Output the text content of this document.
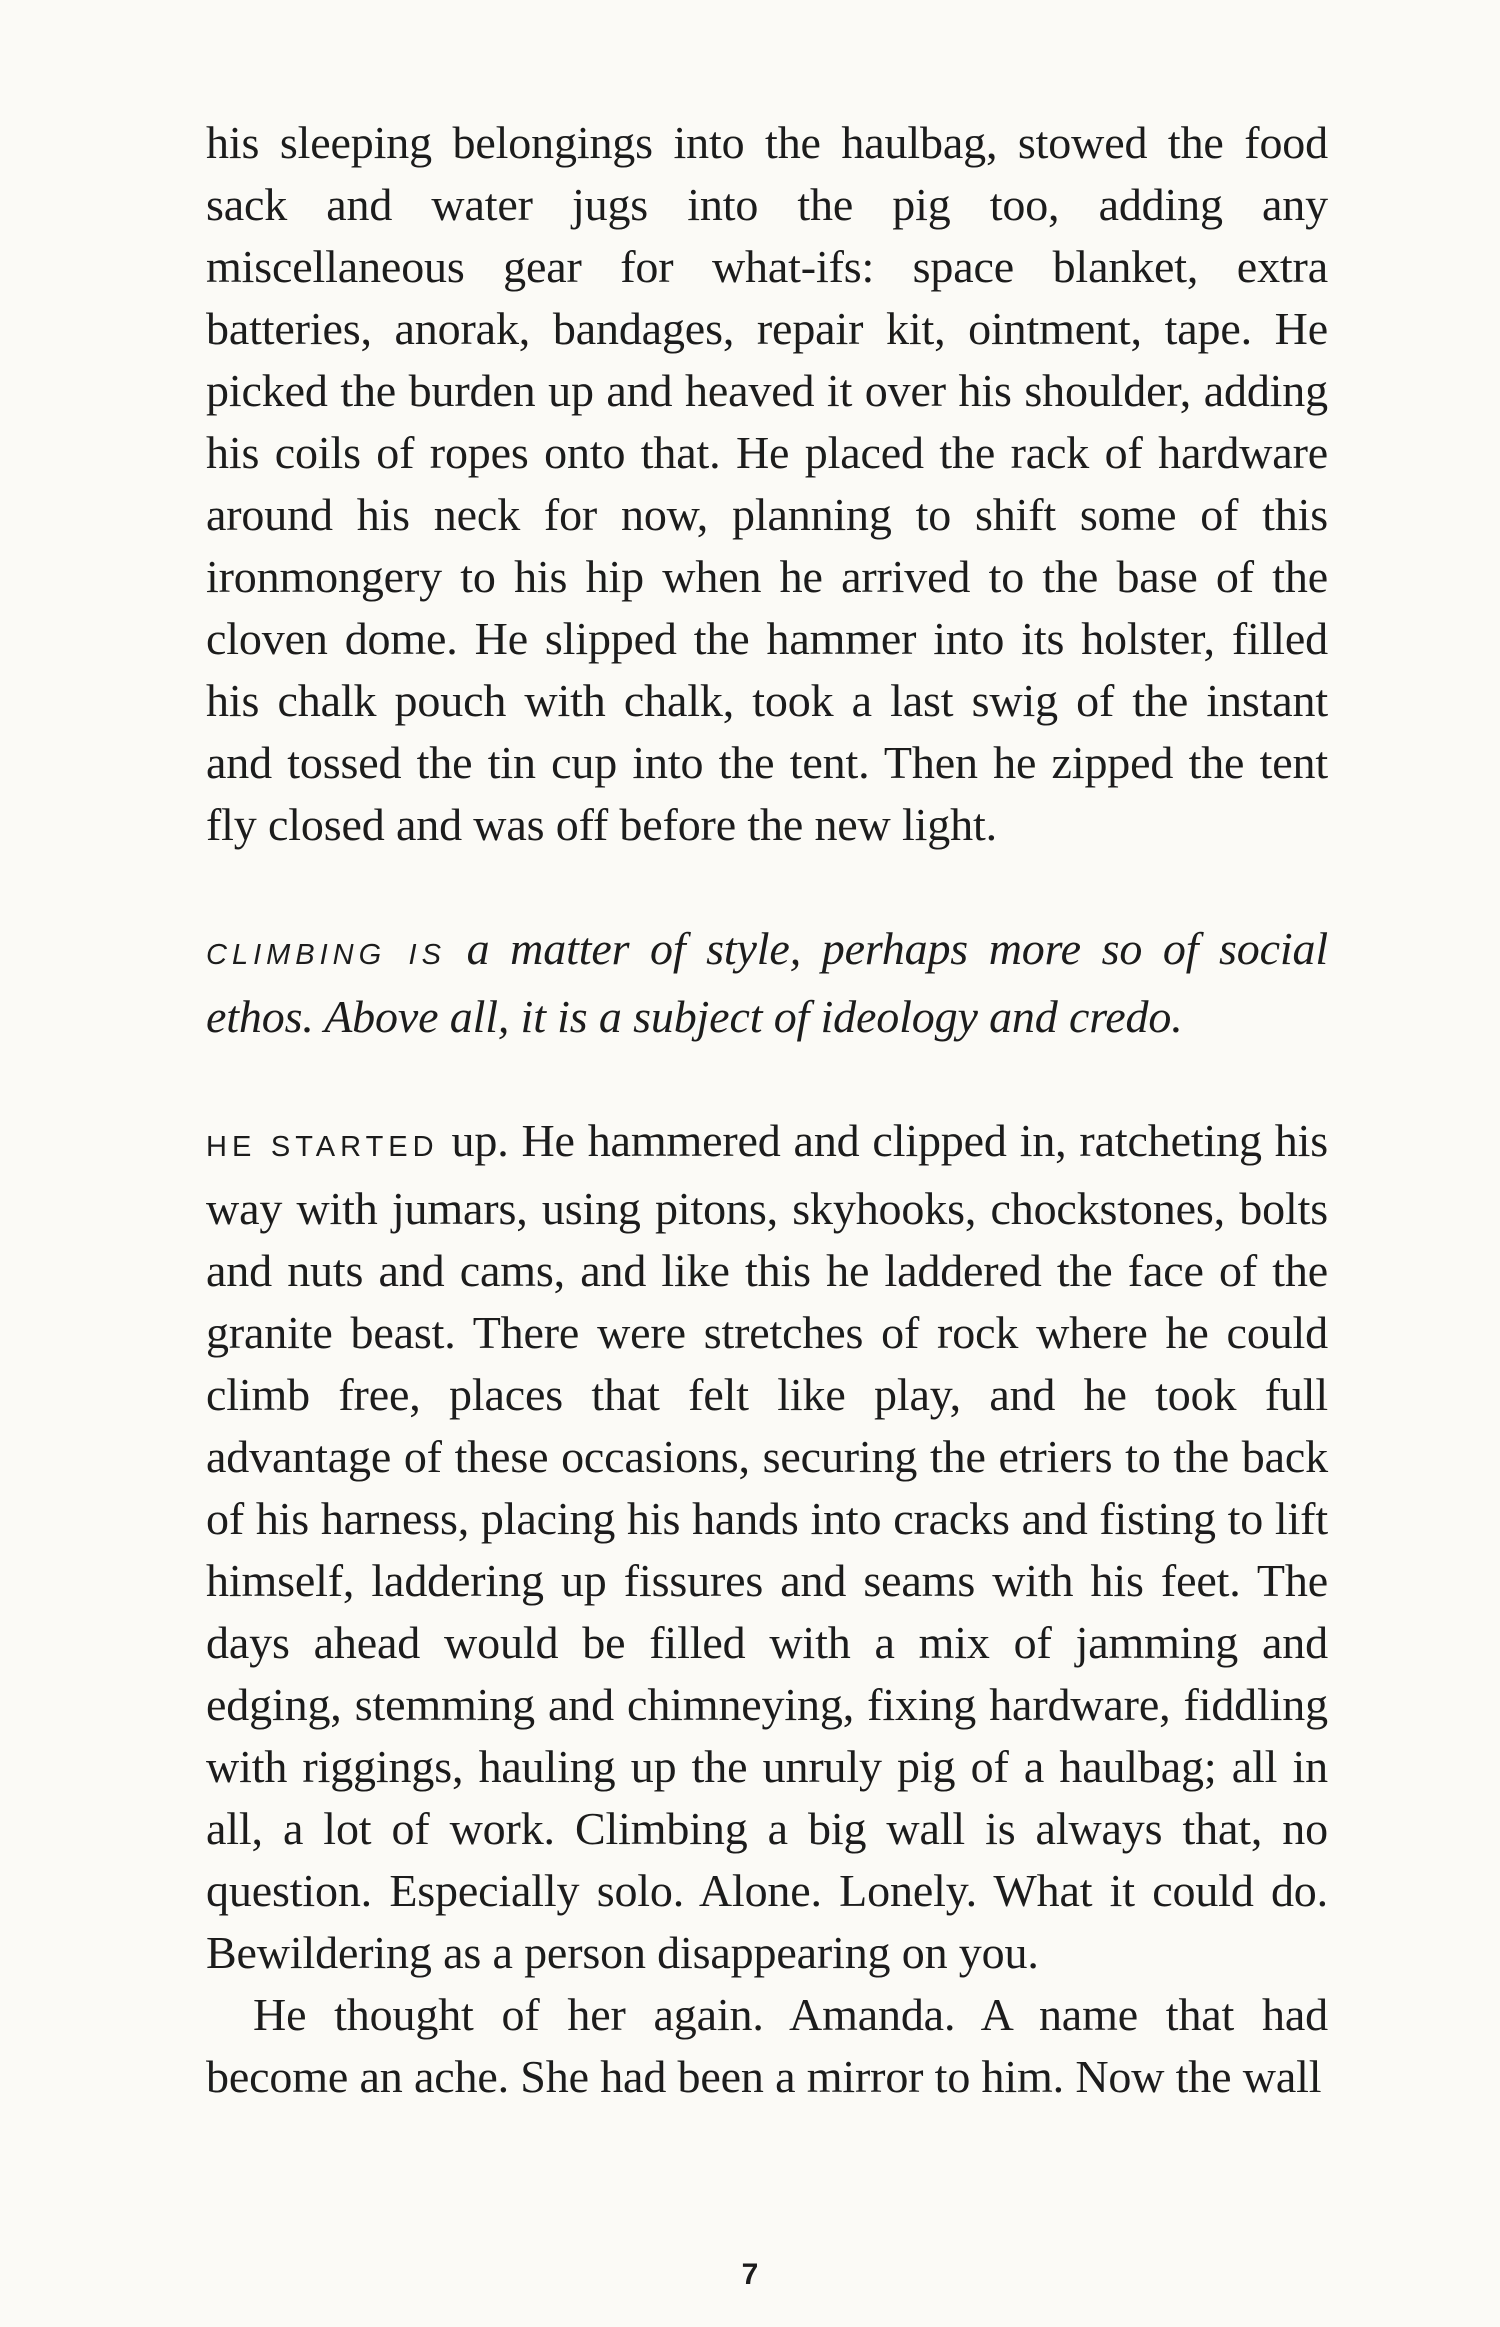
his sleeping belongings into the haulbag, stowed the food sack and water jugs into the pig too, adding any miscellaneous gear for what-ifs: space blanket, extra batteries, anorak, bandages, repair kit, ointment, tape. He picked the burden up and heaved it over his shoulder, adding his coils of ropes onto that. He placed the rack of hardware around his neck for now, planning to shift some of this ironmongery to his hip when he arrived to the base of the cloven dome. He slipped the hammer into its holster, filled his chalk pouch with chalk, took a last swig of the instant and tossed the tin cup into the tent. Then he zipped the tent fly closed and was off before the new light.

CLIMBING IS a matter of style, perhaps more so of social ethos. Above all, it is a subject of ideology and credo.

HE STARTED up. He hammered and clipped in, ratcheting his way with jumars, using pitons, skyhooks, chockstones, bolts and nuts and cams, and like this he laddered the face of the granite beast. There were stretches of rock where he could climb free, places that felt like play, and he took full advantage of these occasions, securing the etriers to the back of his harness, placing his hands into cracks and fisting to lift himself, laddering up fissures and seams with his feet. The days ahead would be filled with a mix of jamming and edging, stemming and chimneying, fixing hardware, fiddling with riggings, hauling up the unruly pig of a haulbag; all in all, a lot of work. Climbing a big wall is always that, no question. Especially solo. Alone. Lonely. What it could do. Bewildering as a person disappearing on you.

He thought of her again. Amanda. A name that had become an ache. She had been a mirror to him. Now the wall

7
